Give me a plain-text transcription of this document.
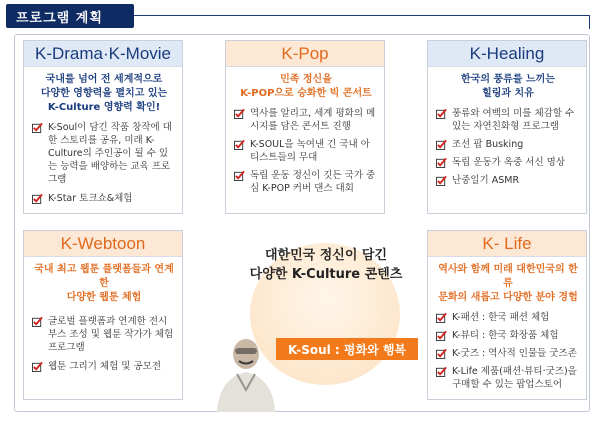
프로그램 계획
K-Drama·K-Movie
국내를 넘어 전 세계적으로
다양한 영향력을 펼치고 있는
K-Culture 영향력 확인!
K-Soul이 담긴 작품 창작에 대한 스토리를 공유, 미래 K-Culture의 주인공이 될 수 있는 능력을 배양하는 교육 프로그램
K-Star 토크쇼&체험
K-Pop
민족 정신을
K-POP으로 승화한 빅 콘서트
역사를 알리고, 세계 평화의 메시지를 담은 콘서트 진행
K-SOUL을 녹여낸 긴 국내 아티스트들의 무대
독립 운동 정신이 깃든 국가 중심 K-POP 커버 댄스 대회
K-Healing
한국의 풍류를 느끼는
힐링과 치유
풍류와 여백의 미를 체감할 수 있는 자연친화형 프로그램
조선 팝 Busking
독립 운동가 옥중 서신 명상
난중일기 ASMR
K-Webtoon
국내 최고 웹툰 플랫폼들과 연계한
다양한 웹툰 체험
글로벌 플랫폼과 연계한 전시 부스 조성 및 웹툰 작가가 체험 프로그램
웹툰 그리기 체험 및 공모전
K- Life
역사와 함께 미래 대한민국의 한류
문화의 새롭고 다양한 분야 경험
K-패션 : 한국 패션 체험
K-뷰티 : 한국 화장품 체험
K-굿즈 : 역사적 인물들 굿즈존
K-Life 제품(패션·뷰티·굿즈)을 구매할 수 있는 팝업스토어
대한민국 정신이 담긴
다양한 K-Culture 콘텐츠
K-Soul : 평화와 행복
